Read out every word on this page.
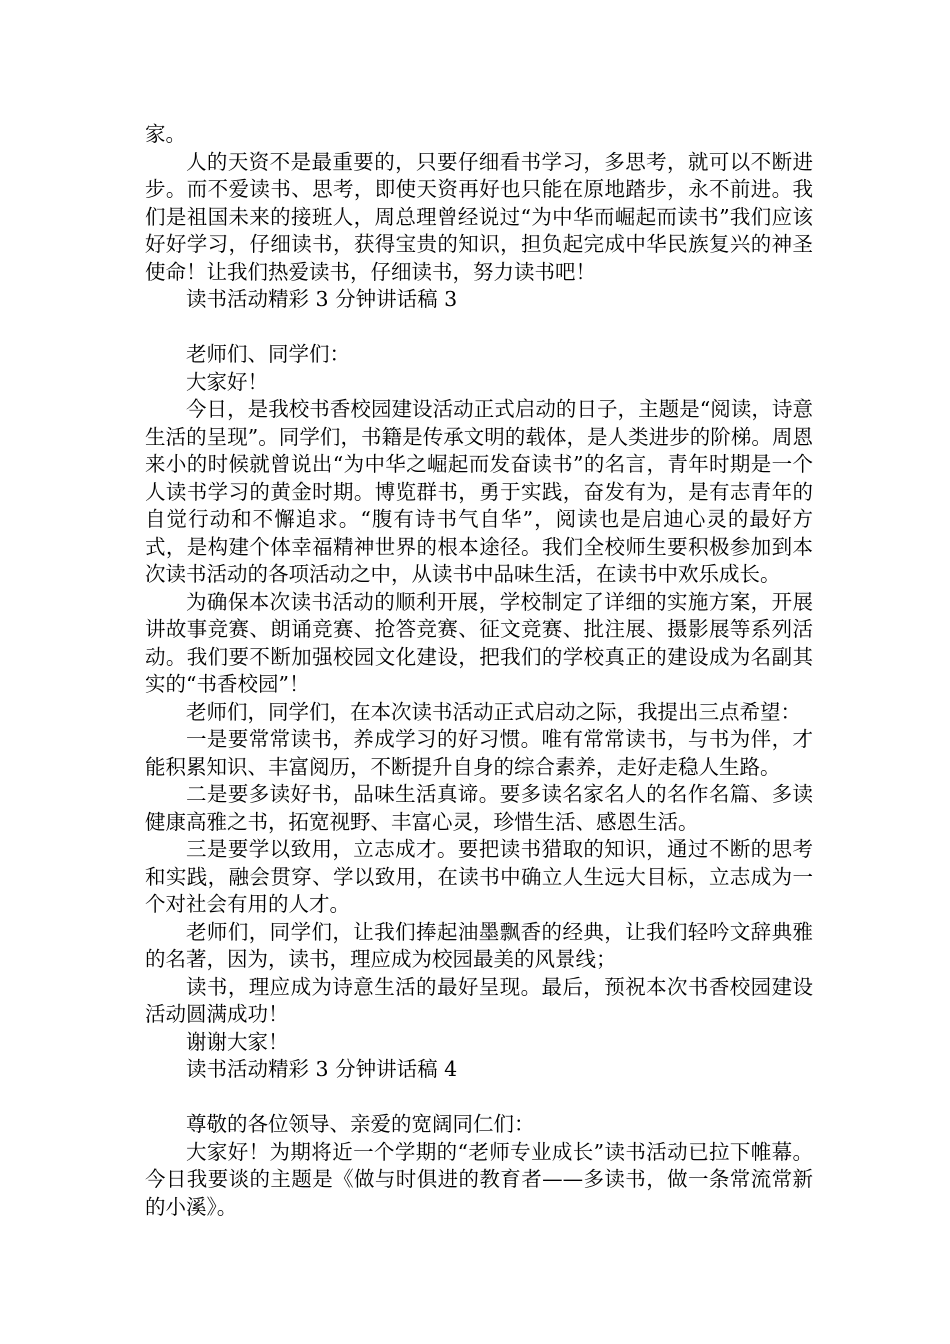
家。

人的天资不是最重要的，只要仔细看书学习，多思考，就可以不断进步。而不爱读书、思考，即使天资再好也只能在原地踏步，永不前进。我们是祖国未来的接班人，周总理曾经说过“为中华而崛起而读书”我们应该好好学习，仔细读书，获得宝贵的知识，担负起完成中华民族复兴的神圣使命！让我们热爱读书，仔细读书，努力读书吧！

读书活动精彩 3 分钟讲话稿 3

老师们、同学们：

大家好！

今日，是我校书香校园建设活动正式启动的日子，主题是“阅读，诗意生活的呈现”。同学们，书籍是传承文明的载体，是人类进步的阶梯。周恩来小的时候就曾说出“为中华之崛起而发奋读书”的名言，青年时期是一个人读书学习的黄金时期。博览群书，勇于实践，奋发有为，是有志青年的自觉行动和不懈追求。“腹有诗书气自华”，阅读也是启迪心灵的最好方式，是构建个体幸福精神世界的根本途径。我们全校师生要积极参加到本次读书活动的各项活动之中，从读书中品味生活，在读书中欢乐成长。

为确保本次读书活动的顺利开展，学校制定了详细的实施方案，开展讲故事竞赛、朗诵竞赛、抢答竞赛、征文竞赛、批注展、摄影展等系列活动。我们要不断加强校园文化建设，把我们的学校真正的建设成为名副其实的“书香校园”！

老师们，同学们，在本次读书活动正式启动之际，我提出三点希望：

一是要常常读书，养成学习的好习惯。唯有常常读书，与书为伴，才能积累知识、丰富阅历，不断提升自身的综合素养，走好走稳人生路。

二是要多读好书，品味生活真谛。要多读名家名人的名作名篇、多读健康高雅之书，拓宽视野、丰富心灵，珍惜生活、感恩生活。

三是要学以致用，立志成才。要把读书猎取的知识，通过不断的思考和实践，融会贯穿、学以致用，在读书中确立人生远大目标，立志成为一个对社会有用的人才。

老师们，同学们，让我们捧起油墨飘香的经典，让我们轻吟文辞典雅的名著，因为，读书，理应成为校园最美的风景线；

读书，理应成为诗意生活的最好呈现。最后，预祝本次书香校园建设活动圆满成功！

谢谢大家！

读书活动精彩 3 分钟讲话稿 4

尊敬的各位领导、亲爱的宽阔同仁们：

大家好！为期将近一个学期的“老师专业成长”读书活动已拉下帷幕。今日我要谈的主题是《做与时俱进的教育者——多读书，做一条常流常新的小溪》。
